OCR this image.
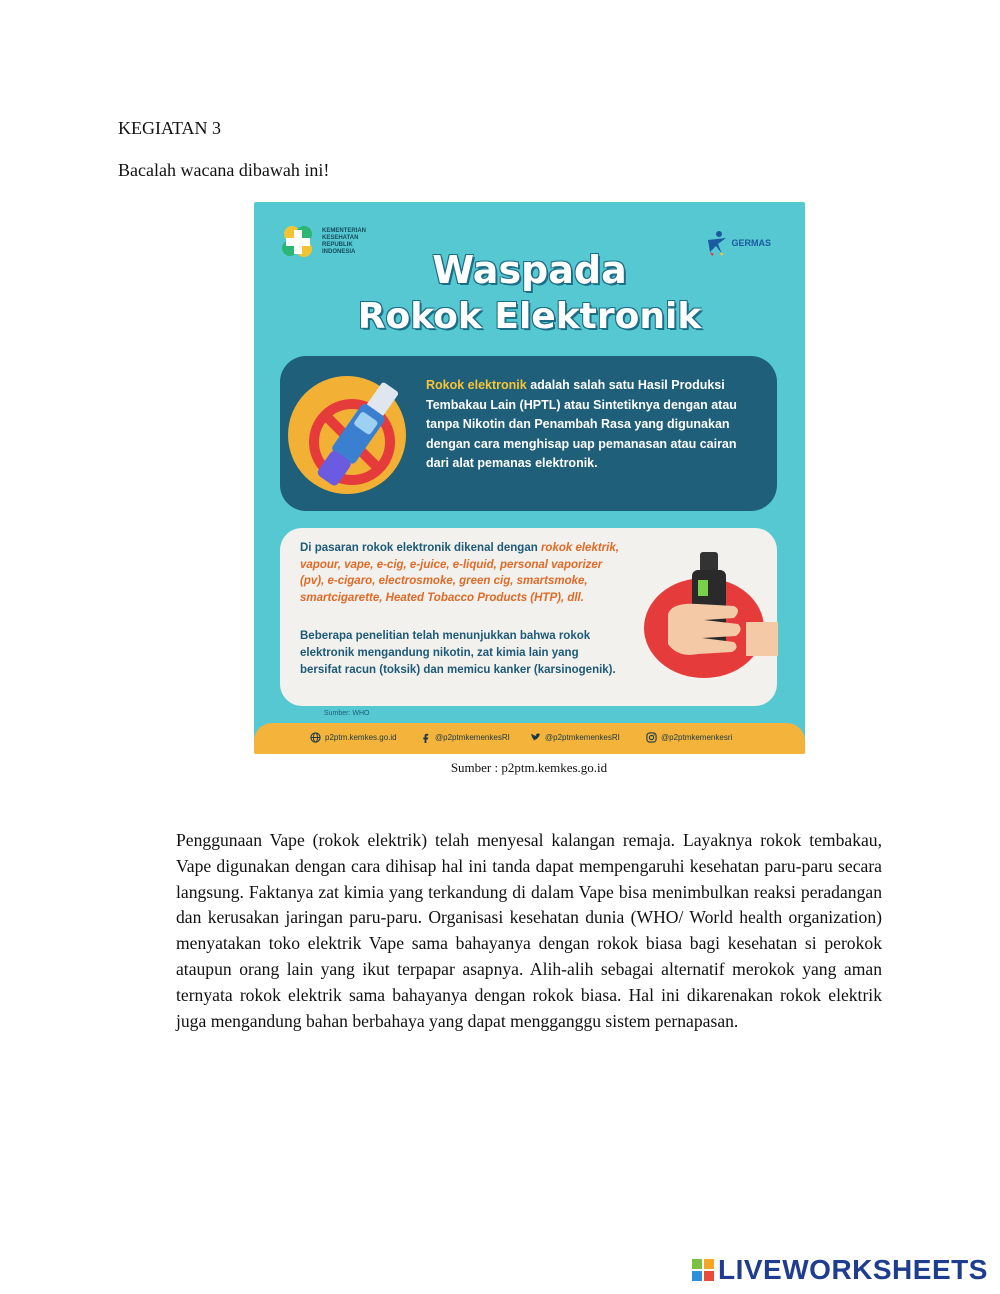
KEGIATAN 3
Bacalah wacana dibawah ini!
KEMENTERIAN KESEHATAN REPUBLIK INDONESIA
GERMAS
Waspada
Rokok Elektronik
Rokok elektronik adalah salah satu Hasil Produksi Tembakau Lain (HPTL) atau Sintetiknya dengan atau tanpa Nikotin dan Penambah Rasa yang digunakan dengan cara menghisap uap pemanasan atau cairan dari alat pemanas elektronik.
Di pasaran rokok elektronik dikenal dengan rokok elektrik, vapour, vape, e-cig, e-juice, e-liquid, personal vaporizer (pv), e-cigaro, electrosmoke, green cig, smartsmoke, smartcigarette, Heated Tobacco Products (HTP), dll.
Beberapa penelitian telah menunjukkan bahwa rokok elektronik mengandung nikotin, zat kimia lain yang bersifat racun (toksik) dan memicu kanker (karsinogenik).
Sumber: WHO
p2ptm.kemkes.go.id	@p2ptmkemenkesRI	@p2ptmkemenkesRI	@p2ptmkemenkesri
Sumber : p2ptm.kemkes.go.id
Penggunaan Vape (rokok elektrik) telah menyesal kalangan remaja. Layaknya rokok tembakau, Vape digunakan dengan cara dihisap hal ini tanda dapat mempengaruhi kesehatan paru-paru secara langsung. Faktanya zat kimia yang terkandung di dalam Vape bisa menimbulkan reaksi peradangan dan kerusakan jaringan paru-paru. Organisasi kesehatan dunia (WHO/ World health organization) menyatakan toko elektrik Vape sama bahayanya dengan rokok biasa bagi kesehatan si perokok ataupun orang lain yang ikut terpapar asapnya. Alih-alih sebagai alternatif merokok yang aman ternyata rokok elektrik sama bahayanya dengan rokok biasa. Hal ini dikarenakan rokok elektrik juga mengandung bahan berbahaya yang dapat mengganggu sistem pernapasan.
LIVEWORKSHEETS
